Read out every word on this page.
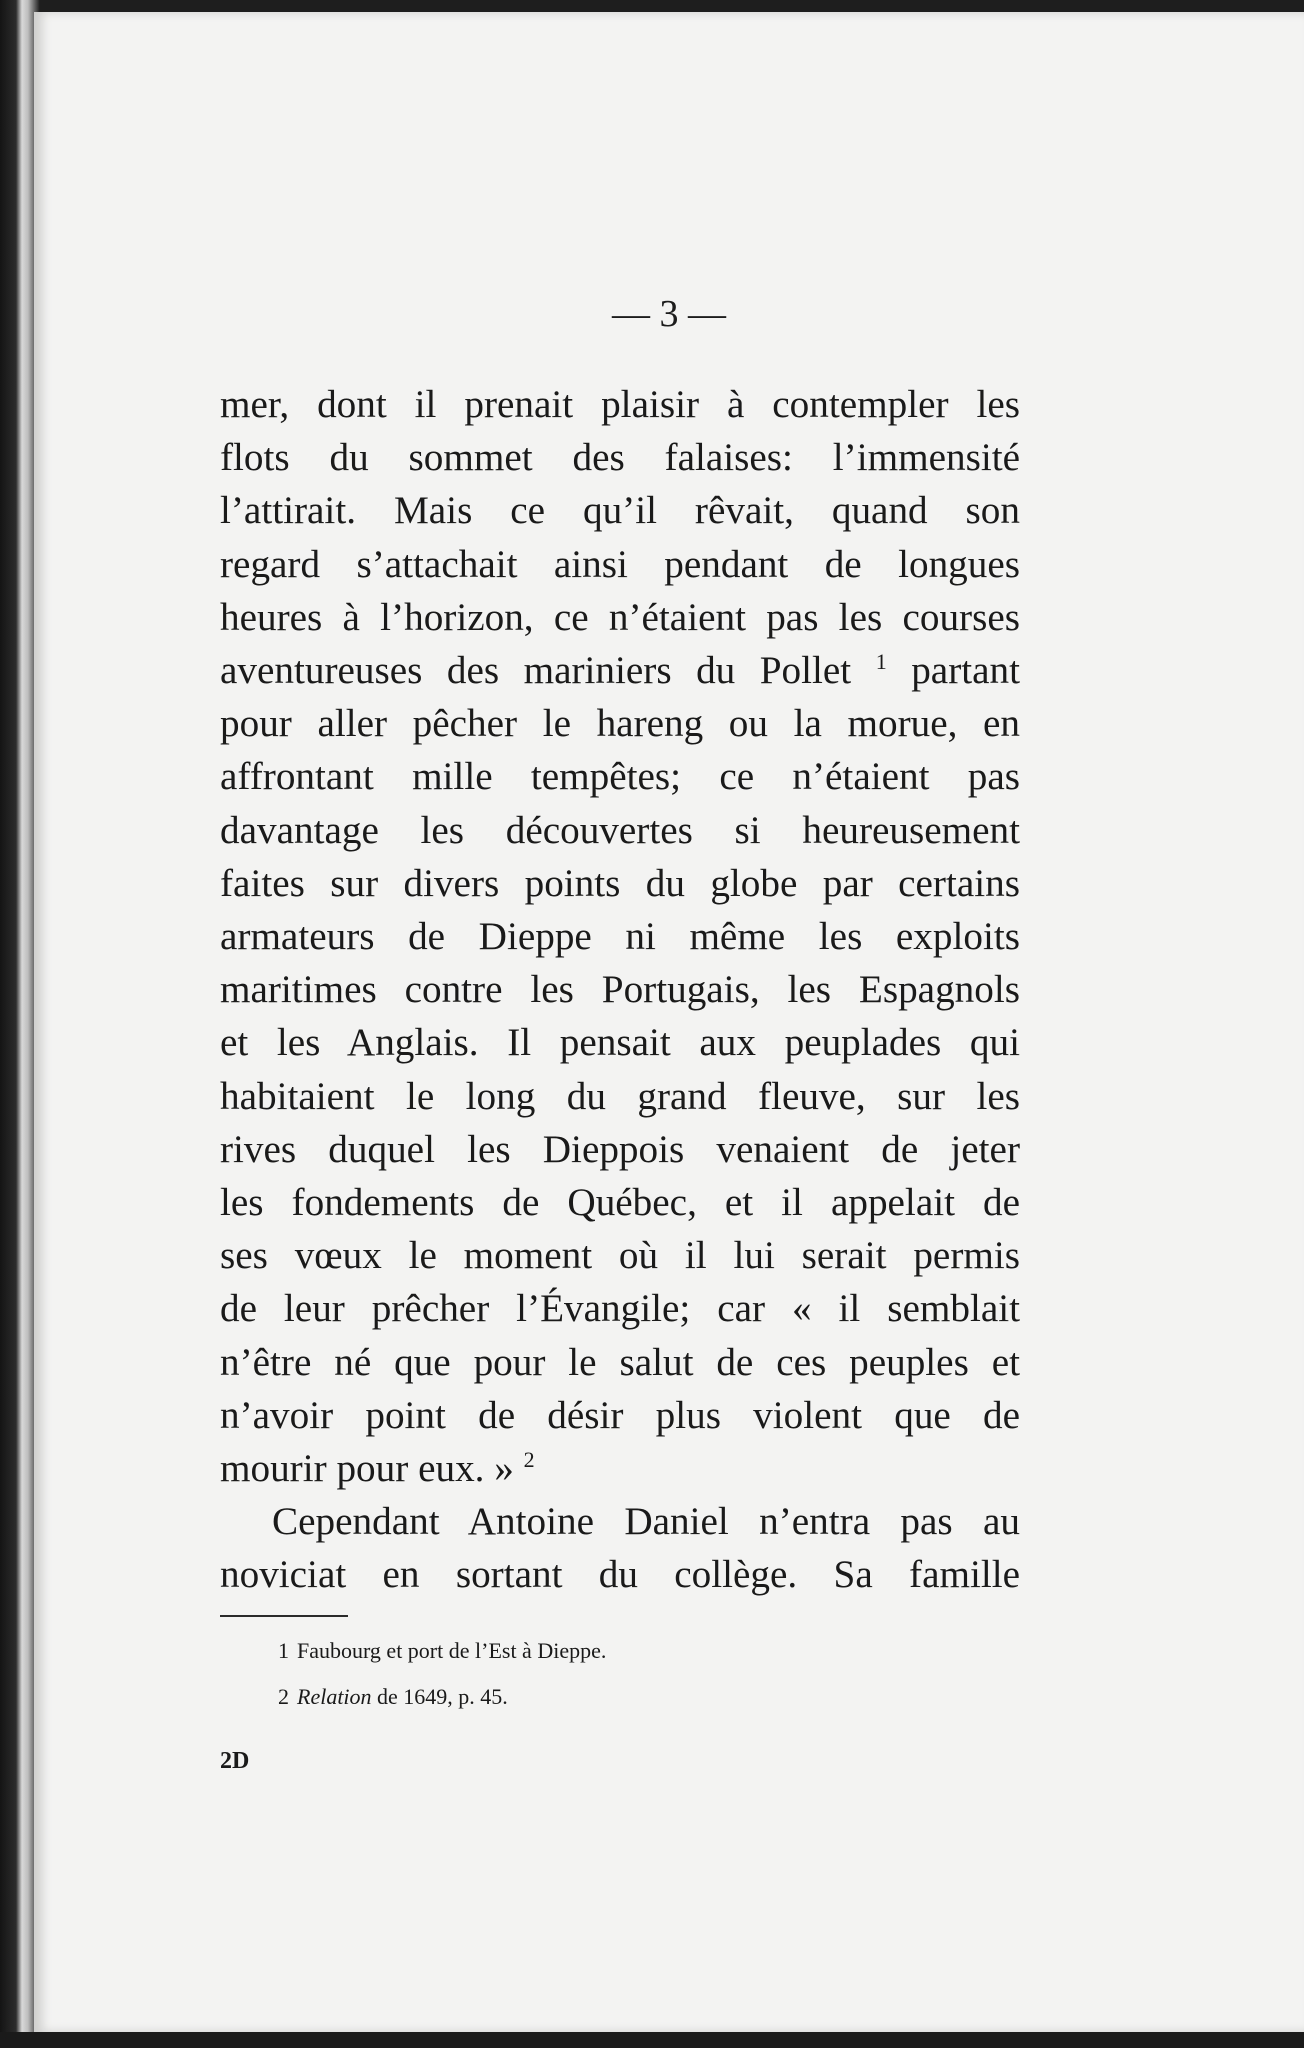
— 3 —
mer, dont il prenait plaisir à contempler les
flots du sommet des falaises: l’immensité
l’attirait. Mais ce qu’il rêvait, quand son
regard s’attachait ainsi pendant de longues
heures à l’horizon, ce n’étaient pas les courses
aventureuses des mariniers du Pollet $^1$ partant
pour aller pêcher le hareng ou la morue, en
affrontant mille tempêtes; ce n’étaient pas
davantage les découvertes si heureusement
faites sur divers points du globe par certains
armateurs de Dieppe ni même les exploits
maritimes contre les Portugais, les Espagnols
et les Anglais. Il pensait aux peuplades qui
habitaient le long du grand fleuve, sur les
rives duquel les Dieppois venaient de jeter
les fondements de Québec, et il appelait de
ses vœux le moment où il lui serait permis
de leur prêcher l’Évangile; car « il semblait
n’être né que pour le salut de ces peuples et
n’avoir point de désir plus violent que de
mourir pour eux. » $^2$
Cependant Antoine Daniel n’entra pas au
noviciat en sortant du collège. Sa famille
1 Faubourg et port de l’Est à Dieppe.
2 Relation de 1649, p. 45.
2D
